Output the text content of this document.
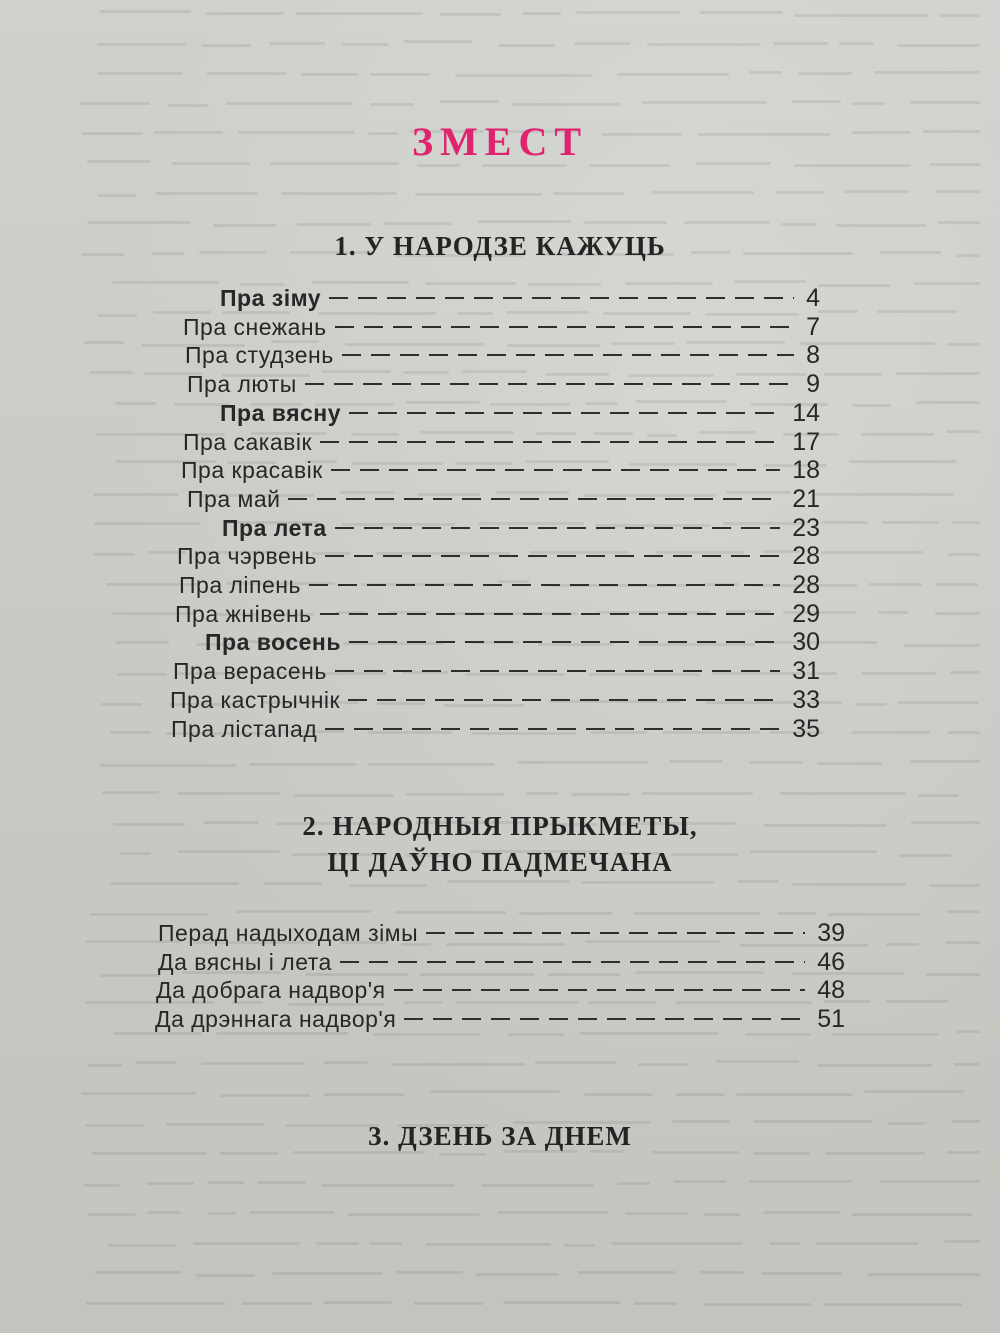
ЗМЕСТ
1. У НАРОДЗЕ КАЖУЦЬ
Пра зіму	4
Пра снежань	7
Пра студзень	8
Пра люты	9
Пра вясну	14
Пра сакавік	17
Пра красавік	18
Пра май	21
Пра лета	23
Пра чэрвень	28
Пра ліпень	28
Пра жнівень	29
Пра восень	30
Пра верасень	31
Пра кастрычнік	33
Пра лістапад	35
2. НАРОДНЫЯ ПРЫКМЕТЫ,
ЦІ ДАЎНО ПАДМЕЧАНА
Перад надыходам зімы	39
Да вясны і лета	46
Да добрага надвор'я	48
Да дрэннага надвор'я	51
3. ДЗЕНЬ ЗА ДНЕМ
